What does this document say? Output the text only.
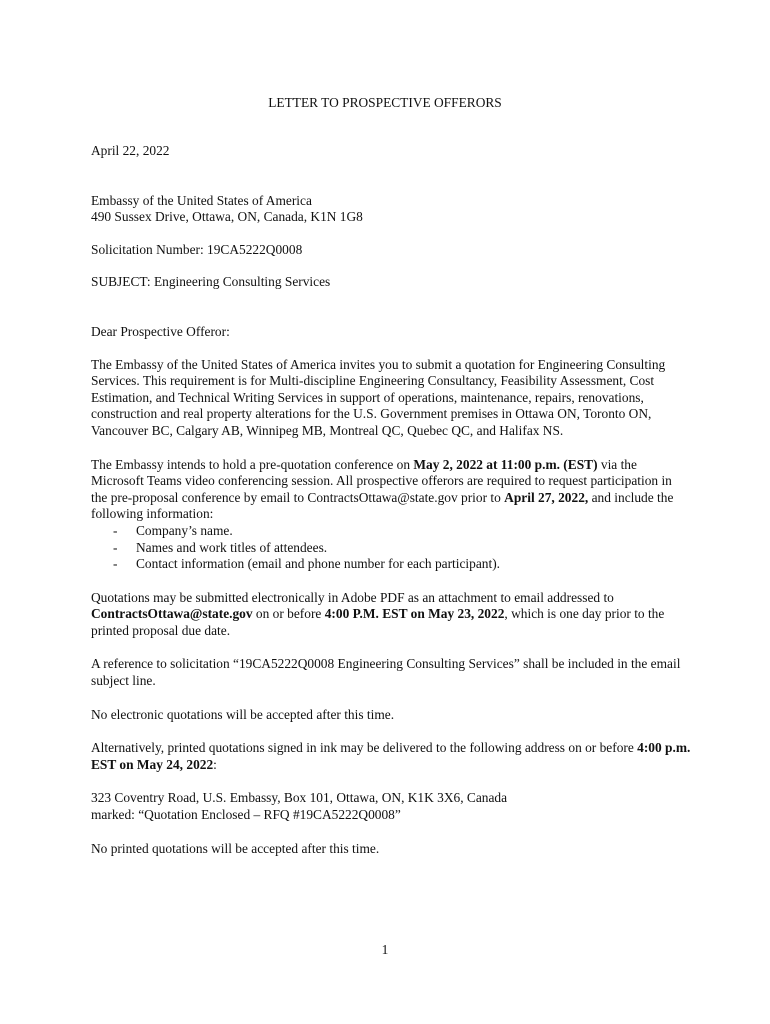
LETTER TO PROSPECTIVE OFFERORS

April 22, 2022

Embassy of the United States of America

490 Sussex Drive, Ottawa, ON, Canada, K1N 1G8

Solicitation Number: 19CA5222Q0008

SUBJECT: Engineering Consulting Services

Dear Prospective Offeror:

The Embassy of the United States of America invites you to submit a quotation for Engineering Consulting Services. This requirement is for Multi-discipline Engineering Consultancy, Feasibility Assessment, Cost Estimation, and Technical Writing Services in support of operations, maintenance, repairs, renovations, construction and real property alterations for the U.S. Government premises in Ottawa ON, Toronto ON, Vancouver BC, Calgary AB, Winnipeg MB, Montreal QC, Quebec QC, and Halifax NS.

The Embassy intends to hold a pre-quotation conference on May 2, 2022 at 11:00 p.m. (EST) via the Microsoft Teams video conferencing session. All prospective offerors are required to request participation in the pre-proposal conference by email to ContractsOttawa@state.gov prior to April 27, 2022, and include the following information:

- Company’s name.
- Names and work titles of attendees.
- Contact information (email and phone number for each participant).

Quotations may be submitted electronically in Adobe PDF as an attachment to email addressed to ContractsOttawa@state.gov on or before 4:00 P.M. EST on May 23, 2022, which is one day prior to the printed proposal due date.

A reference to solicitation “19CA5222Q0008 Engineering Consulting Services” shall be included in the email subject line.

No electronic quotations will be accepted after this time.

Alternatively, printed quotations signed in ink may be delivered to the following address on or before 4:00 p.m. EST on May 24, 2022:

323 Coventry Road, U.S. Embassy, Box 101, Ottawa, ON, K1K 3X6, Canada

marked: “Quotation Enclosed – RFQ #19CA5222Q0008”

No printed quotations will be accepted after this time.

1
